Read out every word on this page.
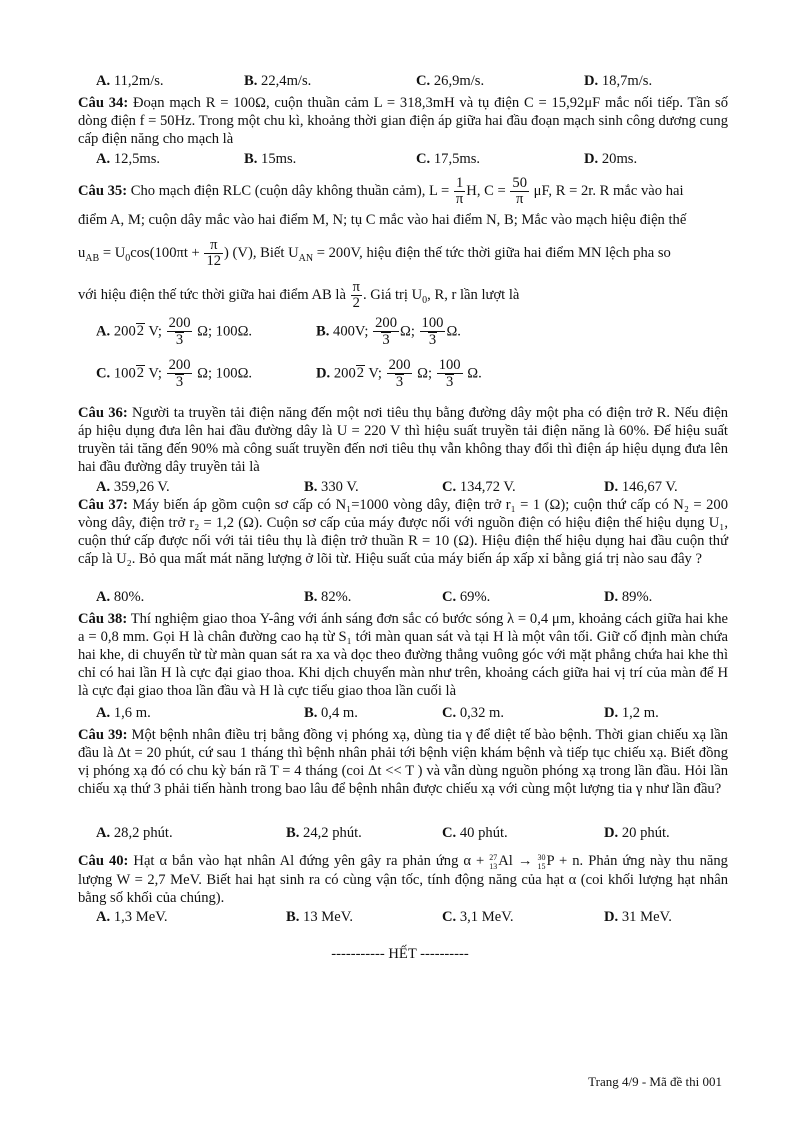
A. 11,2m/s.	B. 22,4m/s.	C. 26,9m/s.	D. 18,7m/s.

Câu 34: Đoạn mạch R = 100Ω, cuộn thuần cảm L = 318,3mH và tụ điện C = 15,92μF mắc nối tiếp. Tần số dòng điện f = 50Hz. Trong một chu kì, khoảng thời gian điện áp giữa hai đầu đoạn mạch sinh công dương cung cấp điện năng cho mạch là

A. 12,5ms.	B. 15ms.	C. 17,5ms.	D. 20ms.

Câu 35: Cho mạch điện RLC (cuộn dây không thuần cảm), $L = \frac{1}{\pi} H$, $C = \frac{50}{\pi} \mu F$, R = 2r. R mắc vào hai

điểm A, M; cuộn dây mắc vào hai điểm M, N; tụ C mắc vào hai điểm N, B; Mắc vào mạch hiệu điện thế

$u_{AB} = U_0\cos(100\pi t + \frac{\pi}{12}$ ) (V), Biết $U_{AN} = 200V$, hiệu điện thế tức thời giữa hai điểm MN lệch pha so

với hiệu điện thế tức thời giữa hai điểm AB là $\frac{\pi}{2}$ . Giá trị $U_0$, R, r lần lượt là

A. 2002 V; $\frac{200}{3} \Omega$; 100Ω.	B. 400V; $\frac{200}{3} \Omega$; $\frac{100}{3} \Omega$.
C. 1002 V; $\frac{200}{3} \Omega$; 100Ω.	D. 2002 V; $\frac{200}{3} \Omega$; $\frac{100}{3} \Omega$.

Câu 36: Người ta truyền tải điện năng đến một nơi tiêu thụ bằng đường dây một pha có điện trở R. Nếu điện áp hiệu dụng đưa lên hai đầu đường dây là U = 220 V thì hiệu suất truyền tải điện năng là 60%. Để hiệu suất truyền tải tăng đến 90% mà công suất truyền đến nơi tiêu thụ vẫn không thay đổi thì điện áp hiệu dụng đưa lên hai đầu đường dây truyền tải là

A. 359,26 V.	B. 330 V.	C. 134,72 V.	D. 146,67 V.

Câu 37: Máy biến áp gồm cuộn sơ cấp có N₁=1000 vòng dây, điện trở r₁ = 1 (Ω); cuộn thứ cấp có N₂ = 200 vòng dây, điện trở r₂ = 1,2 (Ω). Cuộn sơ cấp của máy được nối với nguồn điện có hiệu điện thế hiệu dụng U₁, cuộn thứ cấp được nối với tải tiêu thụ là điện trở thuần R = 10 (Ω). Hiệu điện thế hiệu dụng hai đầu cuộn thứ cấp là U₂. Bỏ qua mất mát năng lượng ở lõi từ. Hiệu suất của máy biến áp xấp xỉ bằng giá trị nào sau đây ?

A. 80%.	B. 82%.	C. 69%.	D. 89%.

Câu 38: Thí nghiệm giao thoa Y-âng với ánh sáng đơn sắc có bước sóng λ = 0,4 μm, khoảng cách giữa hai khe a = 0,8 mm. Gọi H là chân đường cao hạ từ S₁ tới màn quan sát và tại H là một vân tối. Giữ cố định màn chứa hai khe, di chuyển từ từ màn quan sát ra xa và dọc theo đường thẳng vuông góc với mặt phẳng chứa hai khe thì chỉ có hai lần H là cực đại giao thoa. Khi dịch chuyển màn như trên, khoảng cách giữa hai vị trí của màn để H là cực đại giao thoa lần đầu và H là cực tiểu giao thoa lần cuối là

A. 1,6 m.	B. 0,4 m.	C. 0,32 m.	D. 1,2 m.

Câu 39: Một bệnh nhân điều trị bằng đồng vị phóng xạ, dùng tia γ để diệt tế bào bệnh. Thời gian chiếu xạ lần đầu là Δt = 20 phút, cứ sau 1 tháng thì bệnh nhân phải tới bệnh viện khám bệnh và tiếp tục chiếu xạ. Biết đồng vị phóng xạ đó có chu kỳ bán rã T = 4 tháng (coi Δt << T ) và vẫn dùng nguồn phóng xạ trong lần đầu. Hỏi lần chiếu xạ thứ 3 phải tiến hành trong bao lâu để bệnh nhân được chiếu xạ với cùng một lượng tia γ như lần đầu?

A. 28,2 phút.	B. 24,2 phút.	C. 40 phút.	D. 20 phút.

Câu 40: Hạt α bắn vào hạt nhân Al đứng yên gây ra phản ứng α + 27
13Al → 30
15P + n. Phản ứng này thu năng lượng W = 2,7 MeV. Biết hai hạt sinh ra có cùng vận tốc, tính động năng của hạt α (coi khối lượng hạt nhân bằng số khối của chúng).

A. 1,3 MeV.	B. 13 MeV.	C. 3,1 MeV.	D. 31 MeV.
----------- HẾT ----------
Trang 4/9 - Mã đề thi 001
